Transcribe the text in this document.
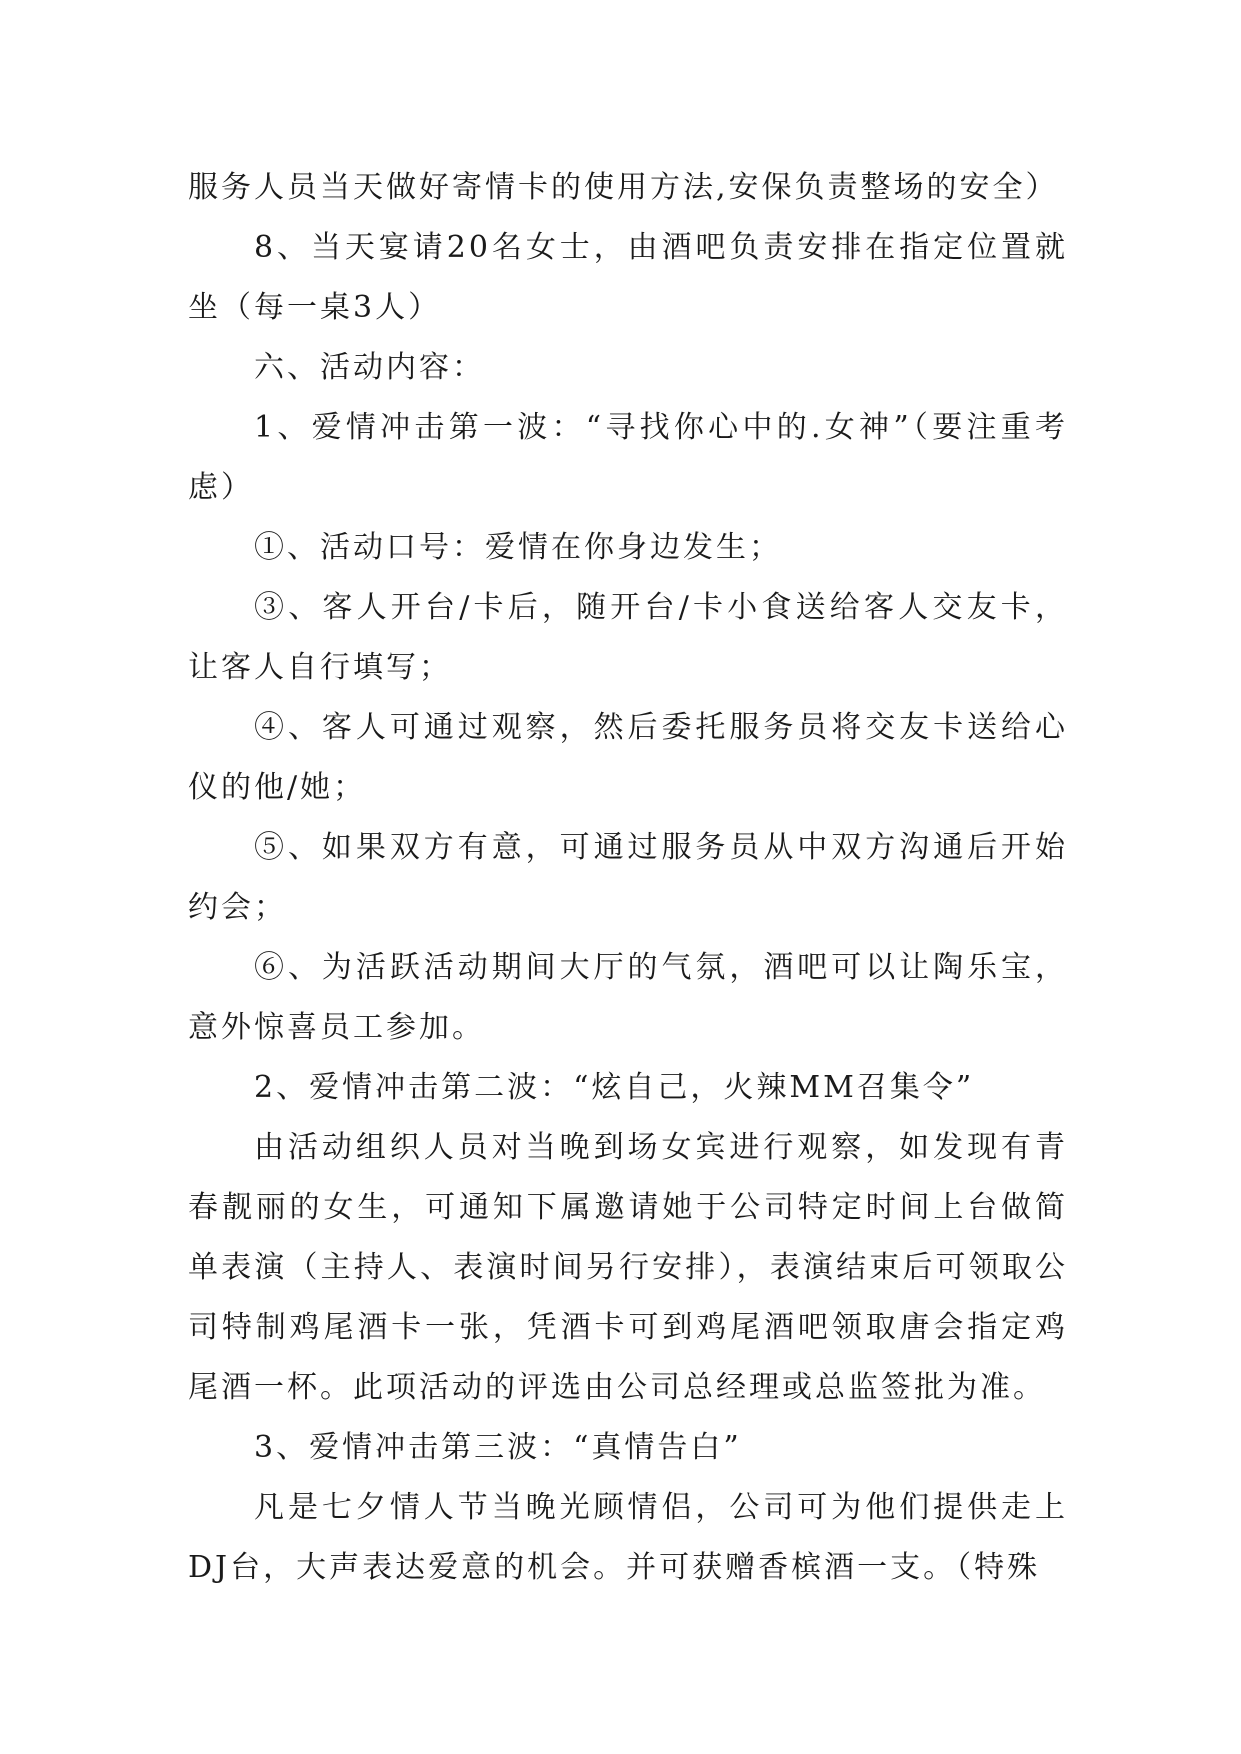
服务人员当天做好寄情卡的使用方法,安保负责整场的安全）

8、当天宴请20名女士，由酒吧负责安排在指定位置就坐（每一桌3人）

六、活动内容：

1、爱情冲击第一波：“寻找你心中的.女神”（要注重考虑）

①、活动口号：爱情在你身边发生；

③、客人开台/卡后，随开台/卡小食送给客人交友卡，让客人自行填写；

④、客人可通过观察，然后委托服务员将交友卡送给心仪的他/她；

⑤、如果双方有意，可通过服务员从中双方沟通后开始约会；

⑥、为活跃活动期间大厅的气氛，酒吧可以让陶乐宝，意外惊喜员工参加。

2、爱情冲击第二波：“炫自己，火辣MM召集令”

由活动组织人员对当晚到场女宾进行观察，如发现有青春靓丽的女生，可通知下属邀请她于公司特定时间上台做简单表演（主持人、表演时间另行安排），表演结束后可领取公司特制鸡尾酒卡一张，凭酒卡可到鸡尾酒吧领取唐会指定鸡尾酒一杯。此项活动的评选由公司总经理或总监签批为准。

3、爱情冲击第三波：“真情告白”

凡是七夕情人节当晚光顾情侣，公司可为他们提供走上DJ台，大声表达爱意的机会。并可获赠香槟酒一支。（特殊
